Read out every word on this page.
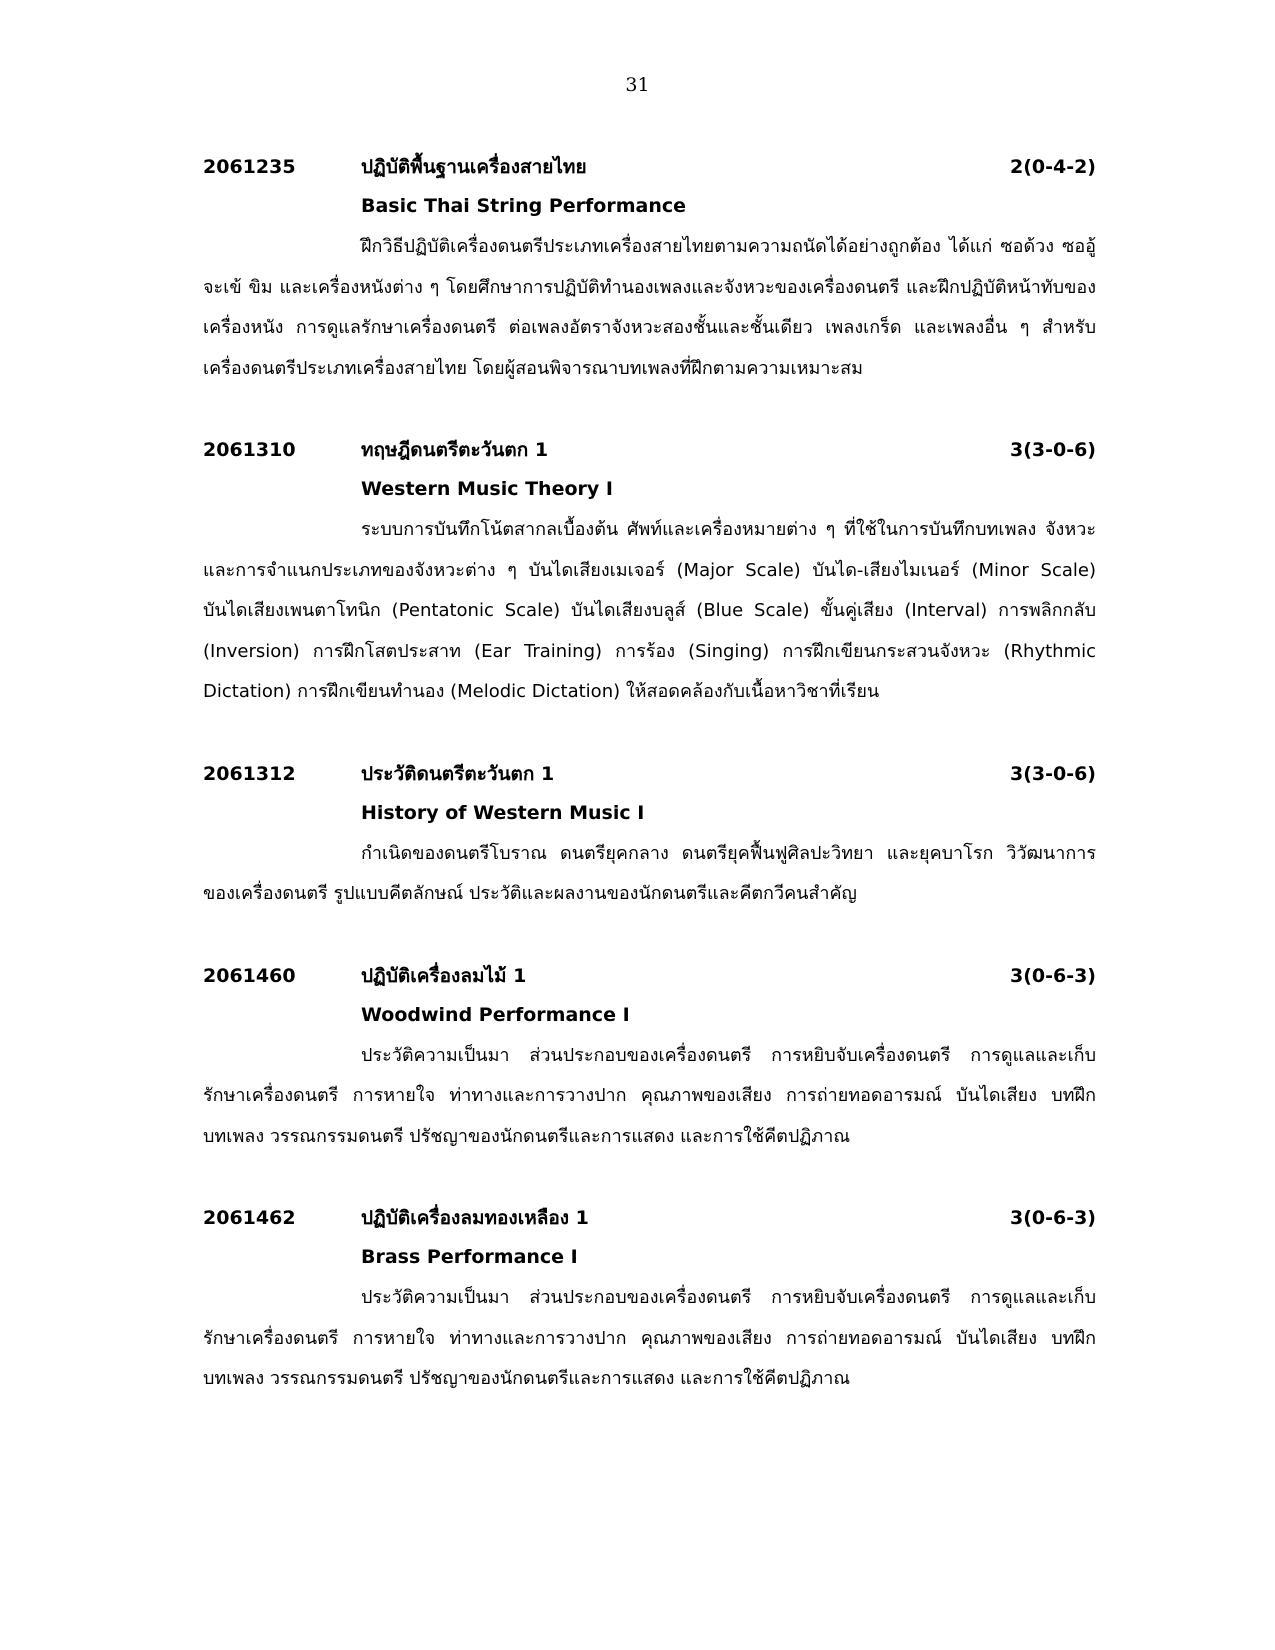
31
2061235	ปฏิบัติพื้นฐานเครื่องสายไทย	2(0-4-2)
Basic Thai String Performance

ฝึกวิธีปฏิบัติเครื่องดนตรีประเภทเครื่องสายไทยตามความถนัดได้อย่างถูกต้อง ได้แก่ ซอด้วง ซออู้ จะเข้ ขิม และเครื่องหนังต่าง ๆ โดยศึกษาการปฏิบัติทำนองเพลงและจังหวะของเครื่องดนตรี และฝึกปฏิบัติหน้าทับของเครื่องหนัง การดูแลรักษาเครื่องดนตรี ต่อเพลงอัตราจังหวะสองชั้นและชั้นเดียว เพลงเกร็ด และเพลงอื่น ๆ สำหรับเครื่องดนตรีประเภทเครื่องสายไทย โดยผู้สอนพิจารณาบทเพลงที่ฝึกตามความเหมาะสม

2061310	ทฤษฎีดนตรีตะวันตก 1	3(3-0-6)
Western Music Theory I

ระบบการบันทึกโน้ตสากลเบื้องต้น ศัพท์และเครื่องหมายต่าง ๆ ที่ใช้ในการบันทึกบทเพลง จังหวะ และการจำแนกประเภทของจังหวะต่าง ๆ บันไดเสียงเมเจอร์ (Major Scale) บันได-เสียงไมเนอร์ (Minor Scale) บันไดเสียงเพนตาโทนิก (Pentatonic Scale) บันไดเสียงบลูส์ (Blue Scale) ขั้นคู่เสียง (Interval) การพลิกกลับ (Inversion) การฝึกโสตประสาท (Ear Training) การร้อง (Singing) การฝึกเขียนกระสวนจังหวะ (Rhythmic Dictation) การฝึกเขียนทำนอง (Melodic Dictation) ให้สอดคล้องกับเนื้อหาวิชาที่เรียน

2061312	ประวัติดนตรีตะวันตก 1	3(3-0-6)
History of Western Music I

กำเนิดของดนตรีโบราณ ดนตรียุคกลาง ดนตรียุคฟื้นฟูศิลปะวิทยา และยุคบาโรก วิวัฒนาการของเครื่องดนตรี รูปแบบคีตลักษณ์ ประวัติและผลงานของนักดนตรีและคีตกวีคนสำคัญ

2061460	ปฏิบัติเครื่องลมไม้ 1	3(0-6-3)
Woodwind Performance I

ประวัติความเป็นมา ส่วนประกอบของเครื่องดนตรี การหยิบจับเครื่องดนตรี การดูแลและเก็บรักษาเครื่องดนตรี การหายใจ ท่าทางและการวางปาก คุณภาพของเสียง การถ่ายทอดอารมณ์ บันไดเสียง บทฝึก บทเพลง วรรณกรรมดนตรี ปรัชญาของนักดนตรีและการแสดง และการใช้คีตปฏิภาณ

2061462	ปฏิบัติเครื่องลมทองเหลือง 1	3(0-6-3)
Brass Performance I

ประวัติความเป็นมา ส่วนประกอบของเครื่องดนตรี การหยิบจับเครื่องดนตรี การดูแลและเก็บรักษาเครื่องดนตรี การหายใจ ท่าทางและการวางปาก คุณภาพของเสียง การถ่ายทอดอารมณ์ บันไดเสียง บทฝึก บทเพลง วรรณกรรมดนตรี ปรัชญาของนักดนตรีและการแสดง และการใช้คีตปฏิภาณ
